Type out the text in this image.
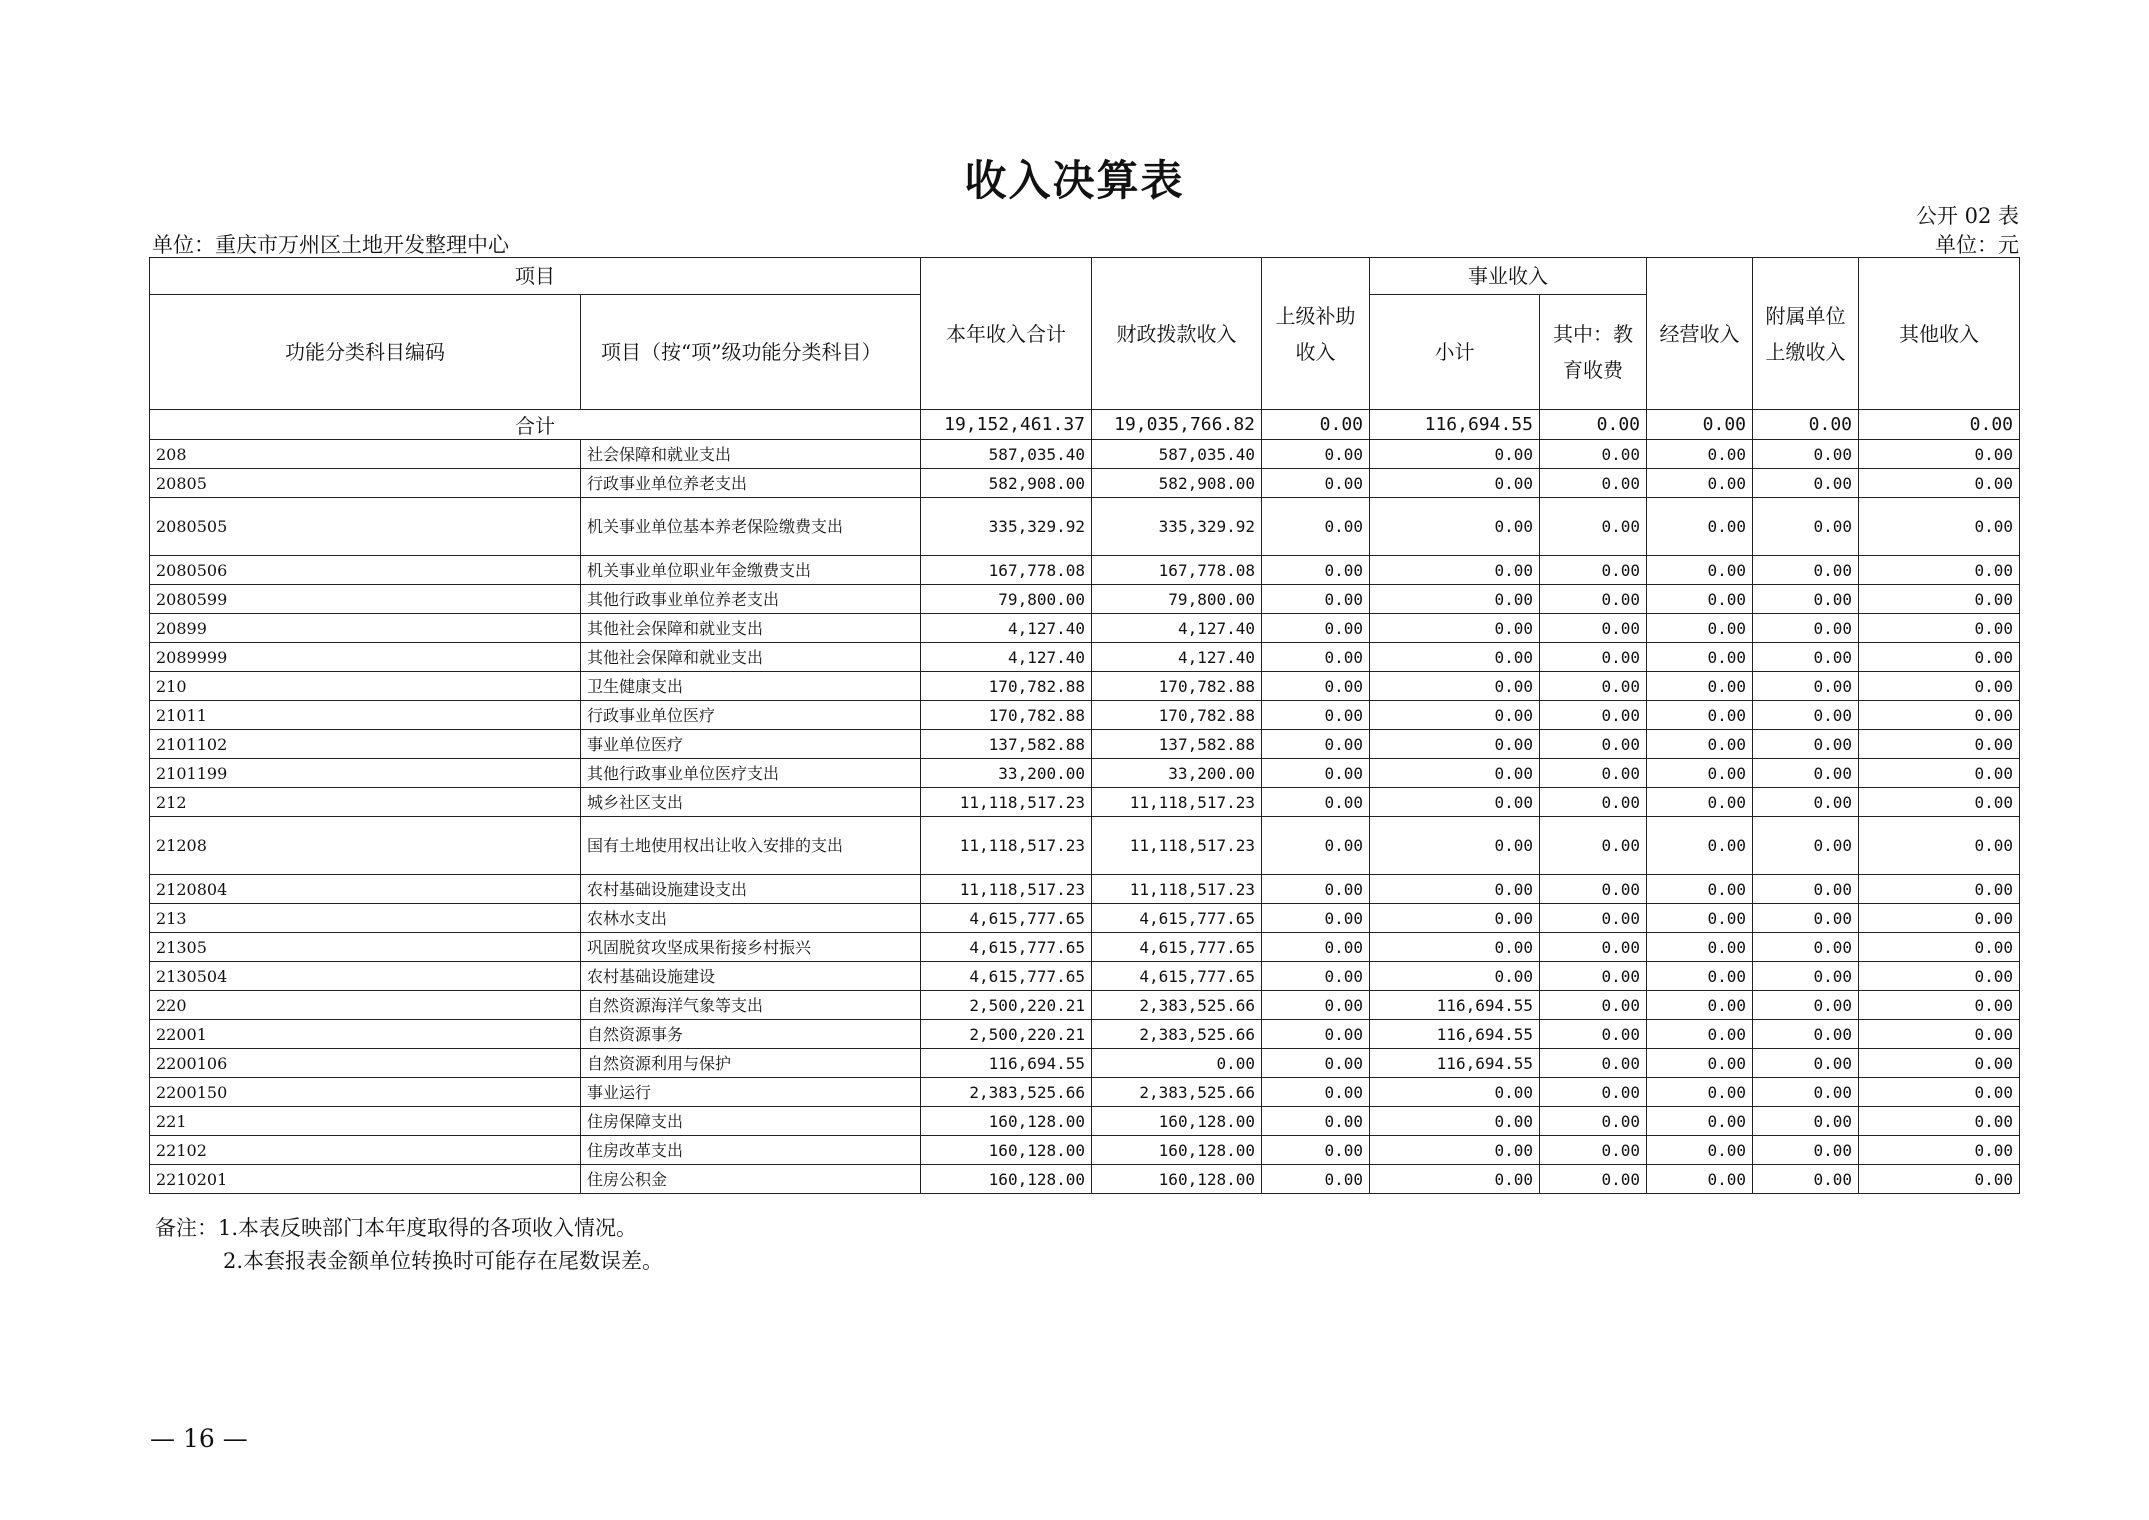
收入决算表
公开 02 表
单位：重庆市万州区土地开发整理中心	单位：元
项目		本年收入合计	财政拨款收入	上级补助收入	事业收入		经营收入	附属单位上缴收入	其他收入
功能分类科目编码	项目（按“项”级功能分类科目）				小计	其中：教育收费			
合计		19,152,461.37	19,035,766.82	0.00	116,694.55	0.00	0.00	0.00	0.00
208	社会保障和就业支出	587,035.40	587,035.40	0.00	0.00	0.00	0.00	0.00	0.00
20805	行政事业单位养老支出	582,908.00	582,908.00	0.00	0.00	0.00	0.00	0.00	0.00
2080505	机关事业单位基本养老保险缴费支出	335,329.92	335,329.92	0.00	0.00	0.00	0.00	0.00	0.00
2080506	机关事业单位职业年金缴费支出	167,778.08	167,778.08	0.00	0.00	0.00	0.00	0.00	0.00
2080599	其他行政事业单位养老支出	79,800.00	79,800.00	0.00	0.00	0.00	0.00	0.00	0.00
20899	其他社会保障和就业支出	4,127.40	4,127.40	0.00	0.00	0.00	0.00	0.00	0.00
2089999	其他社会保障和就业支出	4,127.40	4,127.40	0.00	0.00	0.00	0.00	0.00	0.00
210	卫生健康支出	170,782.88	170,782.88	0.00	0.00	0.00	0.00	0.00	0.00
21011	行政事业单位医疗	170,782.88	170,782.88	0.00	0.00	0.00	0.00	0.00	0.00
2101102	事业单位医疗	137,582.88	137,582.88	0.00	0.00	0.00	0.00	0.00	0.00
2101199	其他行政事业单位医疗支出	33,200.00	33,200.00	0.00	0.00	0.00	0.00	0.00	0.00
212	城乡社区支出	11,118,517.23	11,118,517.23	0.00	0.00	0.00	0.00	0.00	0.00
21208	国有土地使用权出让收入安排的支出	11,118,517.23	11,118,517.23	0.00	0.00	0.00	0.00	0.00	0.00
2120804	农村基础设施建设支出	11,118,517.23	11,118,517.23	0.00	0.00	0.00	0.00	0.00	0.00
213	农林水支出	4,615,777.65	4,615,777.65	0.00	0.00	0.00	0.00	0.00	0.00
21305	巩固脱贫攻坚成果衔接乡村振兴	4,615,777.65	4,615,777.65	0.00	0.00	0.00	0.00	0.00	0.00
2130504	农村基础设施建设	4,615,777.65	4,615,777.65	0.00	0.00	0.00	0.00	0.00	0.00
220	自然资源海洋气象等支出	2,500,220.21	2,383,525.66	0.00	116,694.55	0.00	0.00	0.00	0.00
22001	自然资源事务	2,500,220.21	2,383,525.66	0.00	116,694.55	0.00	0.00	0.00	0.00
2200106	自然资源利用与保护	116,694.55	0.00	0.00	116,694.55	0.00	0.00	0.00	0.00
2200150	事业运行	2,383,525.66	2,383,525.66	0.00	0.00	0.00	0.00	0.00	0.00
221	住房保障支出	160,128.00	160,128.00	0.00	0.00	0.00	0.00	0.00	0.00
22102	住房改革支出	160,128.00	160,128.00	0.00	0.00	0.00	0.00	0.00	0.00
2210201	住房公积金	160,128.00	160,128.00	0.00	0.00	0.00	0.00	0.00	0.00
备注：1.本表反映部门本年度取得的各项收入情况。
2.本套报表金额单位转换时可能存在尾数误差。
— 16 —
